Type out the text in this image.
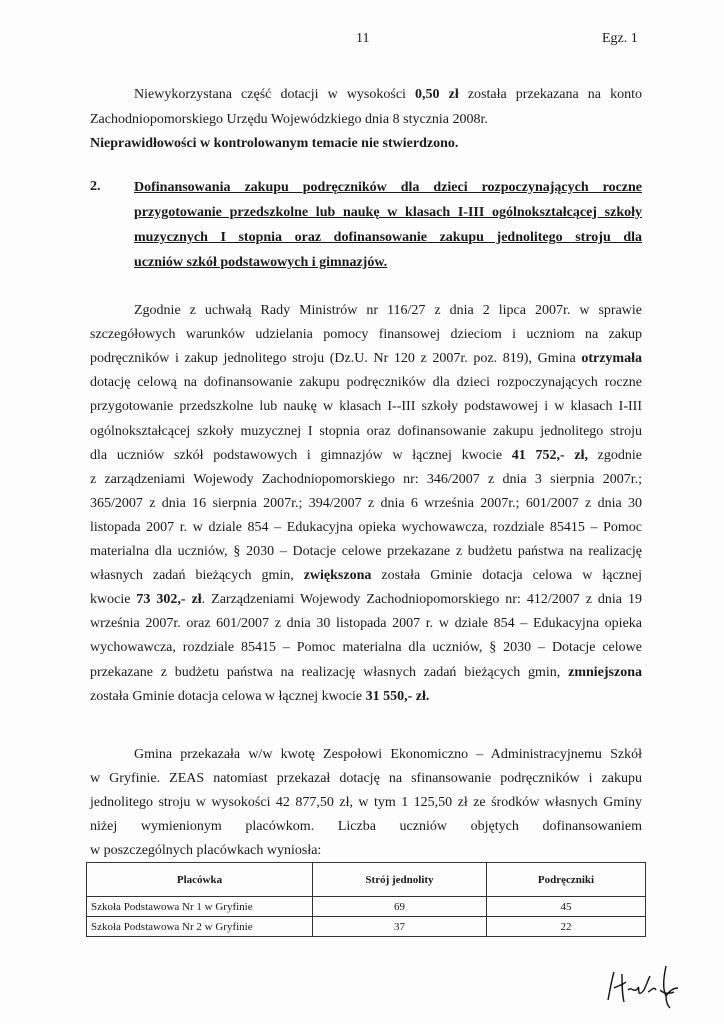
11	Egz. 1
Niewykorzystana część dotacji w wysokości 0,50 zł została przekazana na konto
Zachodniopomorskiego Urzędu Wojewódzkiego dnia 8 stycznia 2008r.
Nieprawidłowości w kontrolowanym temacie nie stwierdzono.
2. Dofinansowania zakupu podręczników dla dzieci rozpoczynających roczne
przygotowanie przedszkolne lub naukę w klasach I-III ogólnokształcącej szkoły
muzycznych I stopnia oraz dofinansowanie zakupu jednolitego stroju dla
uczniów szkół podstawowych i gimnazjów.
Zgodnie z uchwałą Rady Ministrów nr 116/27 z dnia 2 lipca 2007r. w sprawie
szczegółowych warunków udzielania pomocy finansowej dzieciom i uczniom na zakup
podręczników i zakup jednolitego stroju (Dz.U. Nr 120 z 2007r. poz. 819), Gmina otrzymała
dotację celową na dofinansowanie zakupu podręczników dla dzieci rozpoczynających roczne
przygotowanie przedszkolne lub naukę w klasach I--III szkoły podstawowej i w klasach I-III
ogólnokształcącej szkoły muzycznej I stopnia oraz dofinansowanie zakupu jednolitego stroju
dla uczniów szkół podstawowych i gimnazjów w łącznej kwocie 41 752,- zł, zgodnie
z zarządzeniami Wojewody Zachodniopomorskiego nr: 346/2007 z dnia 3 sierpnia 2007r.;
365/2007 z dnia 16 sierpnia 2007r.; 394/2007 z dnia 6 września 2007r.; 601/2007 z dnia 30
listopada 2007 r. w dziale 854 – Edukacyjna opieka wychowawcza, rozdziale 85415 – Pomoc
materialna dla uczniów, § 2030 – Dotacje celowe przekazane z budżetu państwa na realizację
własnych zadań bieżących gmin, zwiększona została Gminie dotacja celowa w łącznej
kwocie 73 302,- zł. Zarządzeniami Wojewody Zachodniopomorskiego nr: 412/2007 z dnia 19
września 2007r. oraz 601/2007 z dnia 30 listopada 2007 r. w dziale 854 – Edukacyjna opieka
wychowawcza, rozdziale 85415 – Pomoc materialna dla uczniów, § 2030 – Dotacje celowe
przekazane z budżetu państwa na realizację własnych zadań bieżących gmin, zmniejszona
została Gminie dotacja celowa w łącznej kwocie 31 550,- zł.
Gmina przekazała w/w kwotę Zespołowi Ekonomiczno – Administracyjnemu Szkół
w Gryfinie. ZEAS natomiast przekazał dotację na sfinansowanie podręczników i zakupu
jednolitego stroju w wysokości 42 877,50 zł, w tym 1 125,50 zł ze środków własnych Gminy
niżej wymienionym placówkom. Liczba uczniów objętych dofinansowaniem
w poszczególnych placówkach wyniosła:
Placówka	Strój jednolity	Podręczniki
Szkoła Podstawowa Nr 1 w Gryfinie	69	45
Szkoła Podstawowa Nr 2 w Gryfinie	37	22
